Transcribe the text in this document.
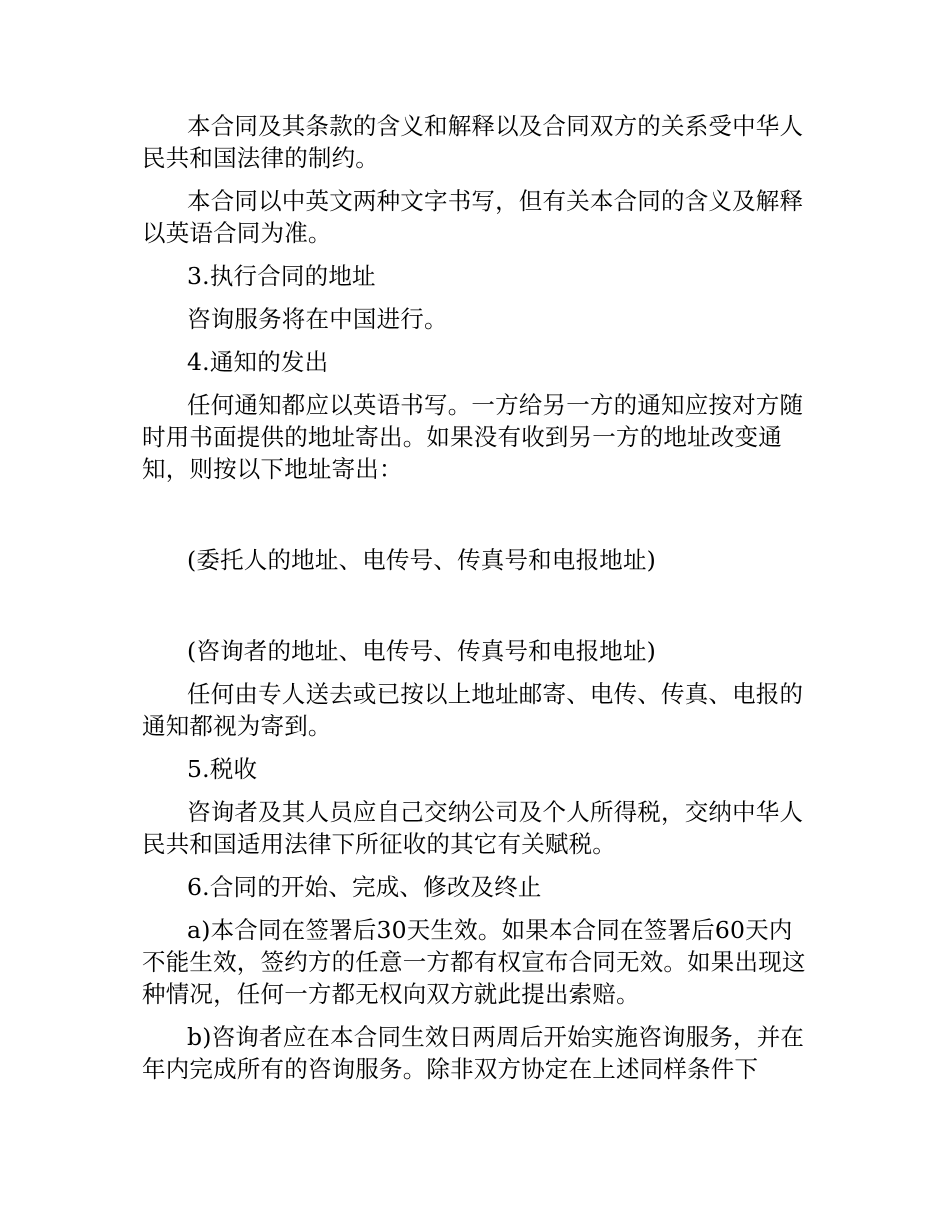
本合同及其条款的含义和解释以及合同双方的关系受中华人民共和国法律的制约。

本合同以中英文两种文字书写，但有关本合同的含义及解释以英语合同为准。

3.执行合同的地址

咨询服务将在中国进行。

4.通知的发出

任何通知都应以英语书写。一方给另一方的通知应按对方随时用书面提供的地址寄出。如果没有收到另一方的地址改变通知，则按以下地址寄出：

(委托人的地址、电传号、传真号和电报地址)

(咨询者的地址、电传号、传真号和电报地址)

任何由专人送去或已按以上地址邮寄、电传、传真、电报的通知都视为寄到。

5.税收

咨询者及其人员应自己交纳公司及个人所得税，交纳中华人民共和国适用法律下所征收的其它有关赋税。

6.合同的开始、完成、修改及终止

a)本合同在签署后30天生效。如果本合同在签署后60天内不能生效，签约方的任意一方都有权宣布合同无效。如果出现这种情况，任何一方都无权向双方就此提出索赔。

b)咨询者应在本合同生效日两周后开始实施咨询服务，并在年内完成所有的咨询服务。除非双方协定在上述同样条件下
